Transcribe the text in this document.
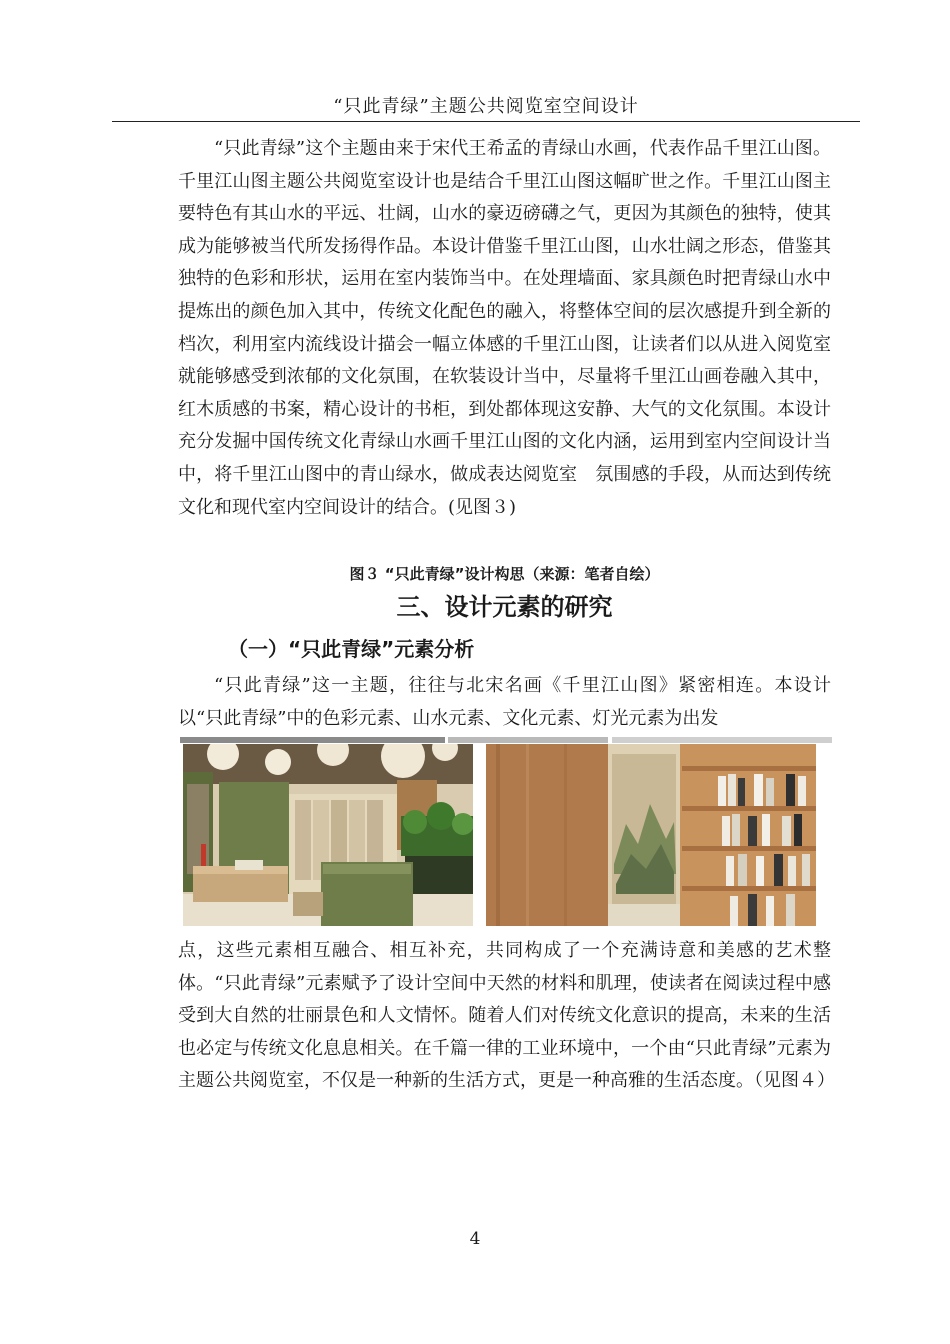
“只此青绿”主题公共阅览室空间设计

“只此青绿”这个主题由来于宋代王希孟的青绿山水画，代表作品千里江山图。千里江山图主题公共阅览室设计也是结合千里江山图这幅旷世之作。千里江山图主要特色有其山水的平远、壮阔，山水的豪迈磅礴之气，更因为其颜色的独特，使其成为能够被当代所发扬得作品。本设计借鉴千里江山图，山水壮阔之形态，借鉴其独特的色彩和形状，运用在室内装饰当中。在处理墙面、家具颜色时把青绿山水中提炼出的颜色加入其中，传统文化配色的融入，将整体空间的层次感提升到全新的档次，利用室内流线设计描会一幅立体感的千里江山图，让读者们以从进入阅览室就能够感受到浓郁的文化氛围，在软装设计当中，尽量将千里江山画卷融入其中，红木质感的书案，精心设计的书柜，到处都体现这安静、大气的文化氛围。本设计充分发掘中国传统文化青绿山水画千里江山图的文化内涵，运用到室内空间设计当中，将千里江山图中的青山绿水，做成表达阅览室　氛围感的手段，从而达到传统文化和现代室内空间设计的结合。(见图３)

图３ “只此青绿”设计构思（来源：笔者自绘）
三、设计元素的研究
（一）“只此青绿”元素分析

“只此青绿”这一主题，往往与北宋名画《千里江山图》紧密相连。本设计以“只此青绿”中的色彩元素、山水元素、文化元素、灯光元素为出发

点，这些元素相互融合、相互补充，共同构成了一个充满诗意和美感的艺术整体。“只此青绿”元素赋予了设计空间中天然的材料和肌理，使读者在阅读过程中感受到大自然的壮丽景色和人文情怀。随着人们对传统文化意识的提高，未来的生活也必定与传统文化息息相关。在千篇一律的工业环境中，一个由“只此青绿”元素为主题公共阅览室，不仅是一种新的生活方式，更是一种高雅的生活态度。（见图４）

4
